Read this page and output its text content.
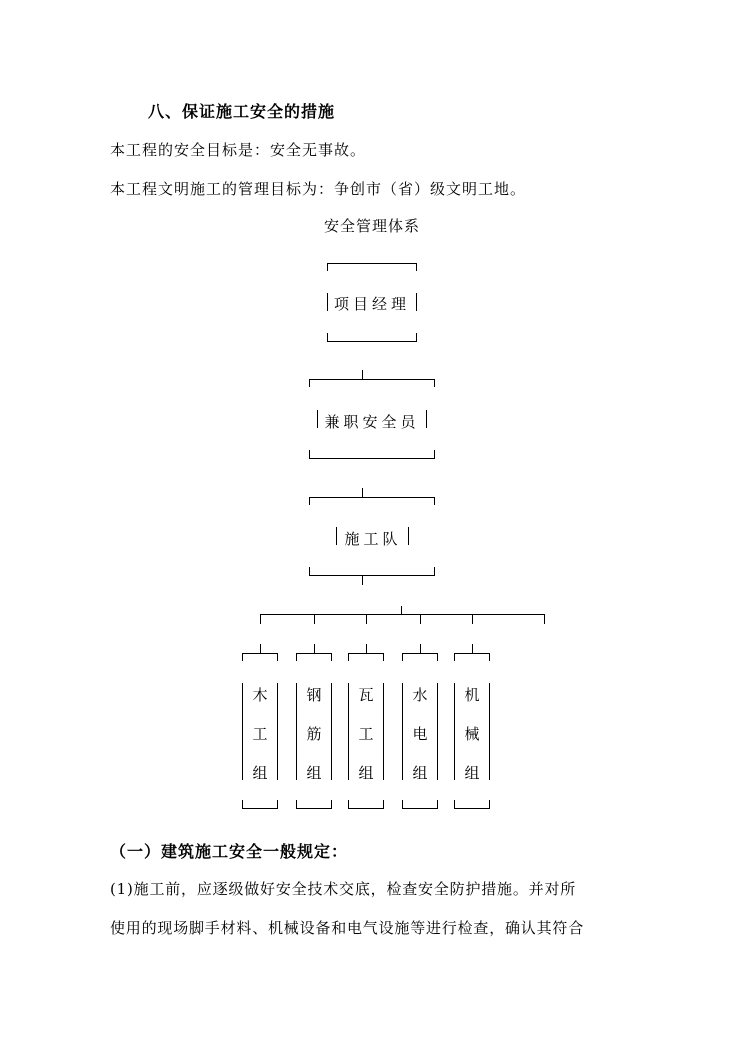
八、保证施工安全的措施
本工程的安全目标是：安全无事故。
本工程文明施工的管理目标为：争创市（省）级文明工地。
安全管理体系
项目经理
兼职安全员
施工队
木
工
组
钢
筋
组
瓦
工
组
水
电
组
机
械
组
（一）建筑施工安全一般规定：
(1)施工前，应逐级做好安全技术交底，检查安全防护措施。并对所
使用的现场脚手材料、机械设备和电气设施等进行检查，确认其符合
